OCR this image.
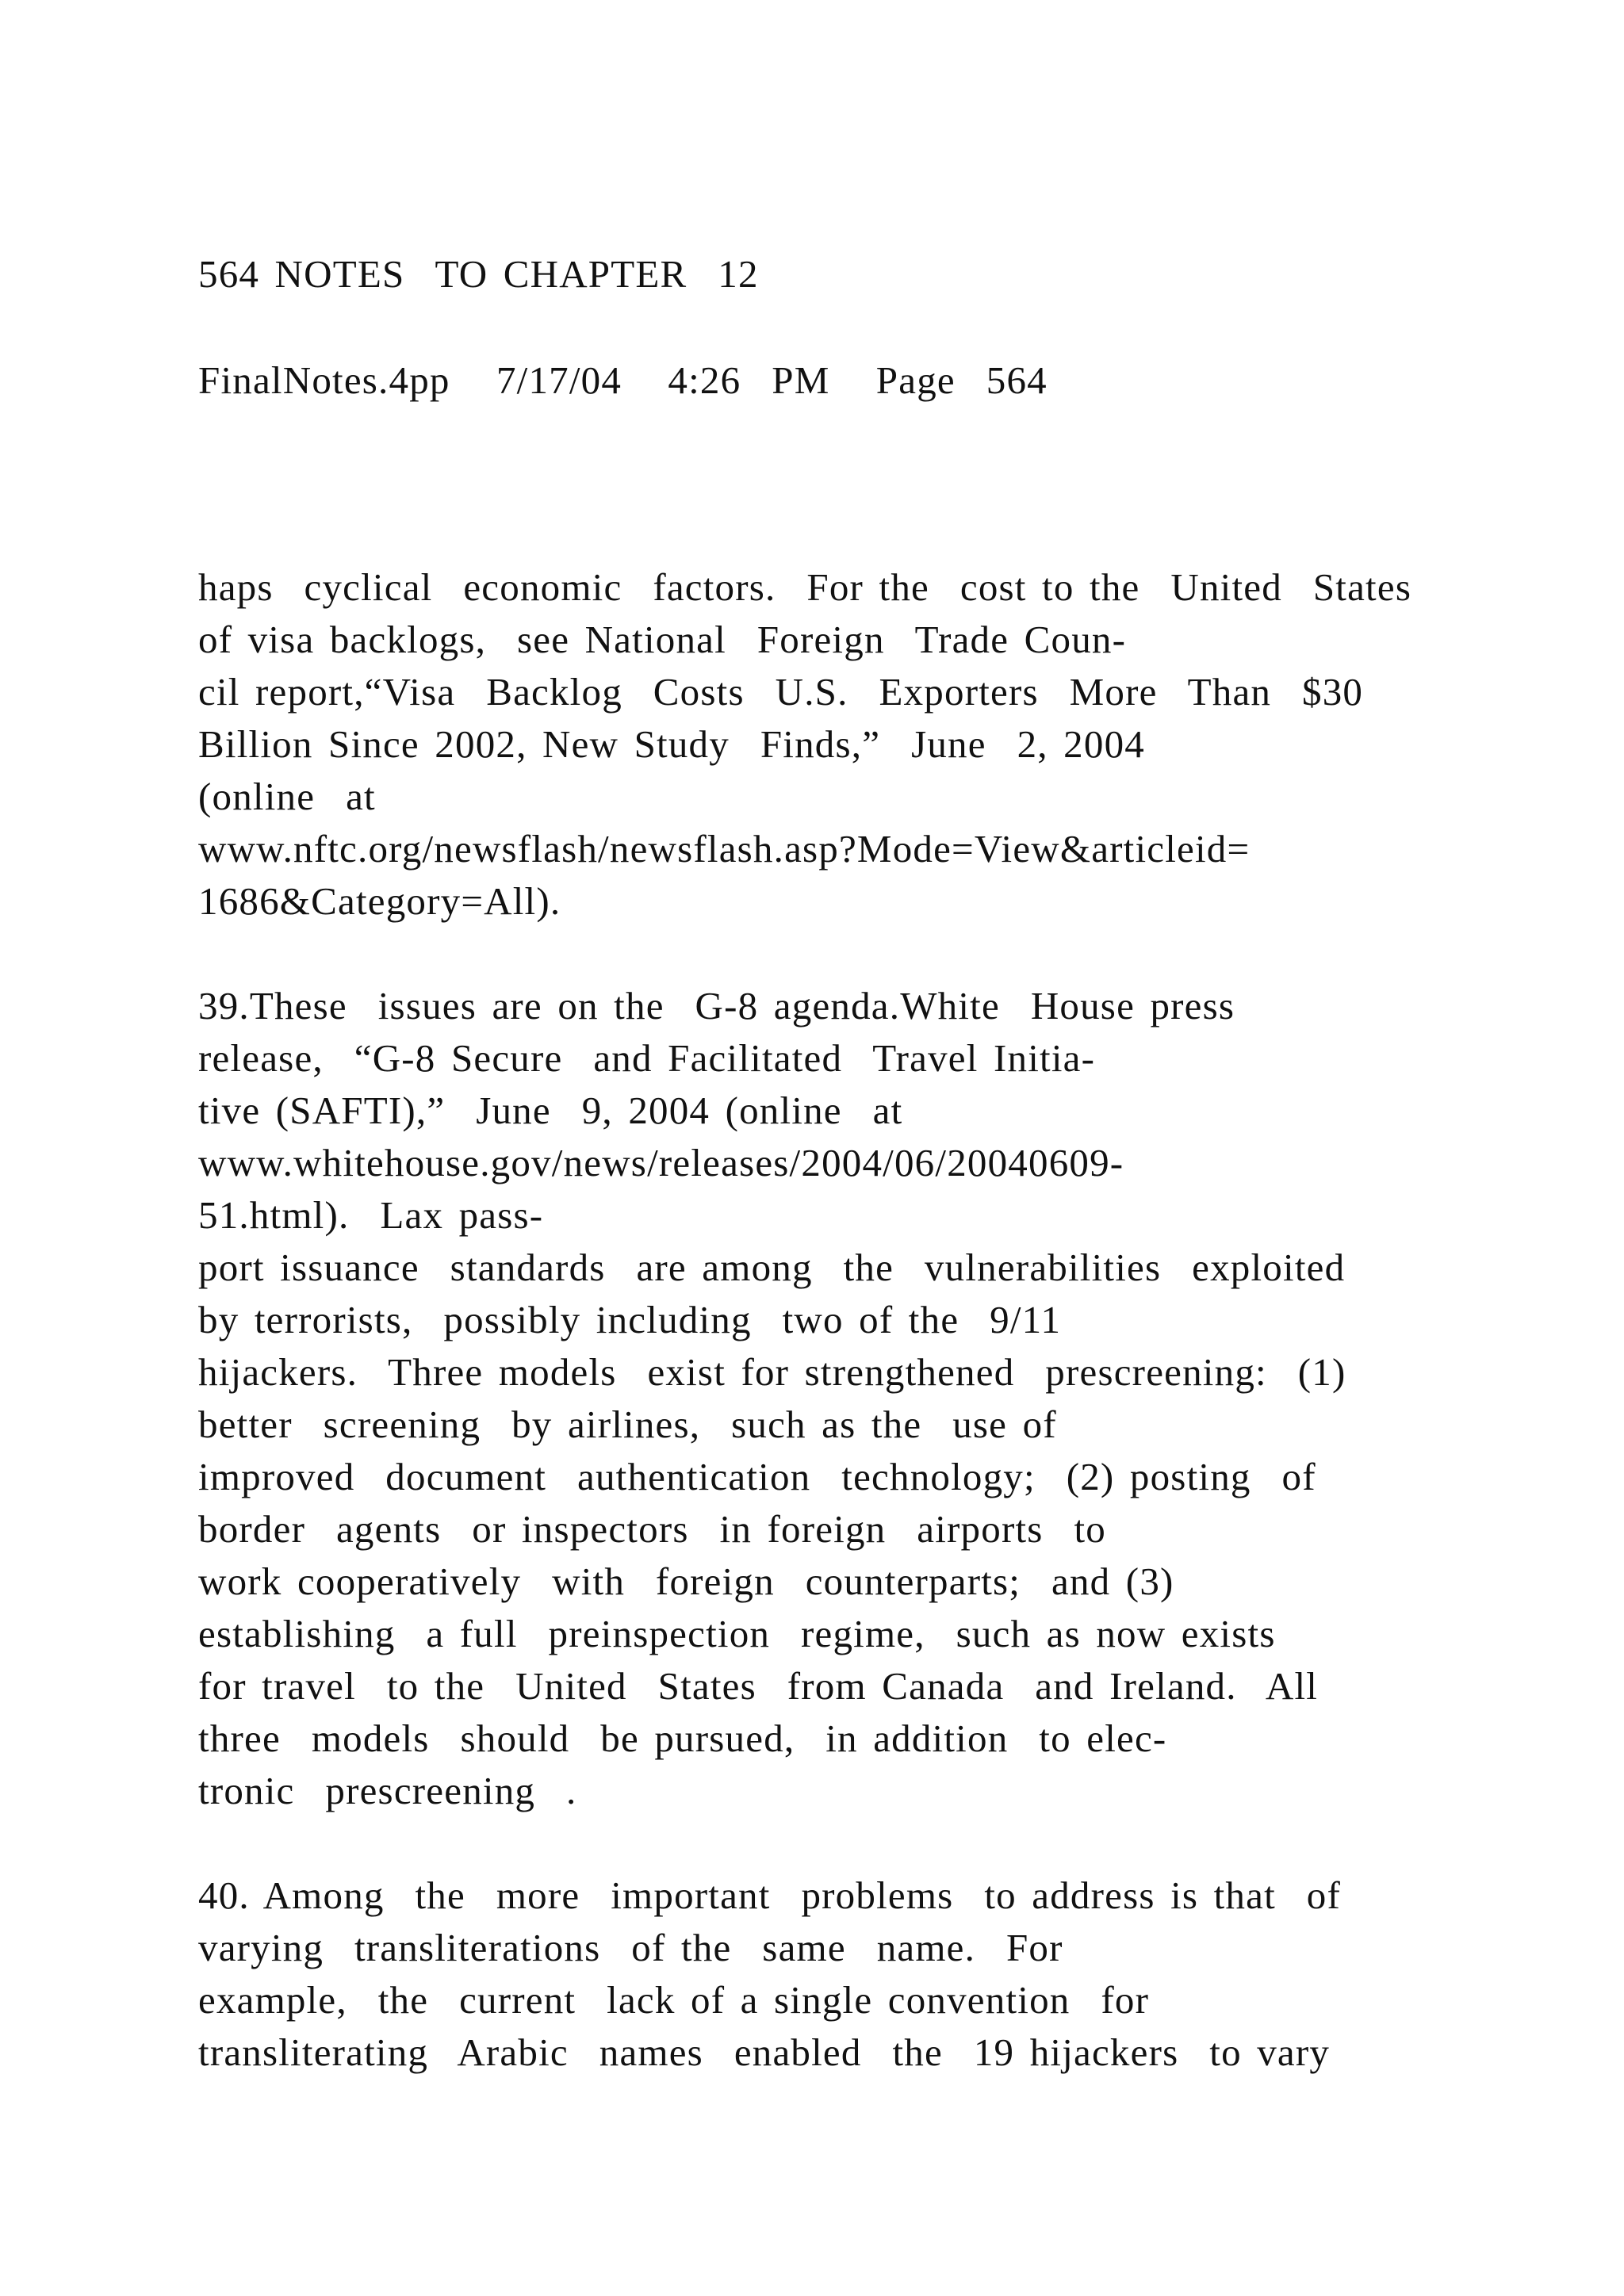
564 NOTES  TO CHAPTER  12
FinalNotes.4pp   7/17/04   4:26  PM   Page  564
haps  cyclical  economic  factors.  For the  cost to the  United  States
of visa backlogs,  see National  Foreign  Trade Coun-
cil report,“Visa  Backlog  Costs  U.S.  Exporters  More  Than  $30
Billion Since 2002, New Study  Finds,”  June  2, 2004
(online  at
www.nftc.org/newsflash/newsflash.asp?Mode=View&articleid=
1686&Category=All).
39.These  issues are on the  G-8 agenda.White  House press
release,  “G-8 Secure  and Facilitated  Travel Initia-
tive (SAFTI),”  June  9, 2004 (online  at
www.whitehouse.gov/news/releases/2004/06/20040609-
51.html).  Lax pass-
port issuance  standards  are among  the  vulnerabilities  exploited
by terrorists,  possibly including  two of the  9/11
hijackers.  Three models  exist for strengthened  prescreening:  (1)
better  screening  by airlines,  such as the  use of
improved  document  authentication  technology;  (2) posting  of
border  agents  or inspectors  in foreign  airports  to
work cooperatively  with  foreign  counterparts;  and (3)
establishing  a full  preinspection  regime,  such as now exists
for travel  to the  United  States  from Canada  and Ireland.  All
three  models  should  be pursued,  in addition  to elec-
tronic  prescreening  .
40. Among  the  more  important  problems  to address is that  of
varying  transliterations  of the  same  name.  For
example,  the  current  lack of a single convention  for
transliterating  Arabic  names  enabled  the  19 hijackers  to vary
